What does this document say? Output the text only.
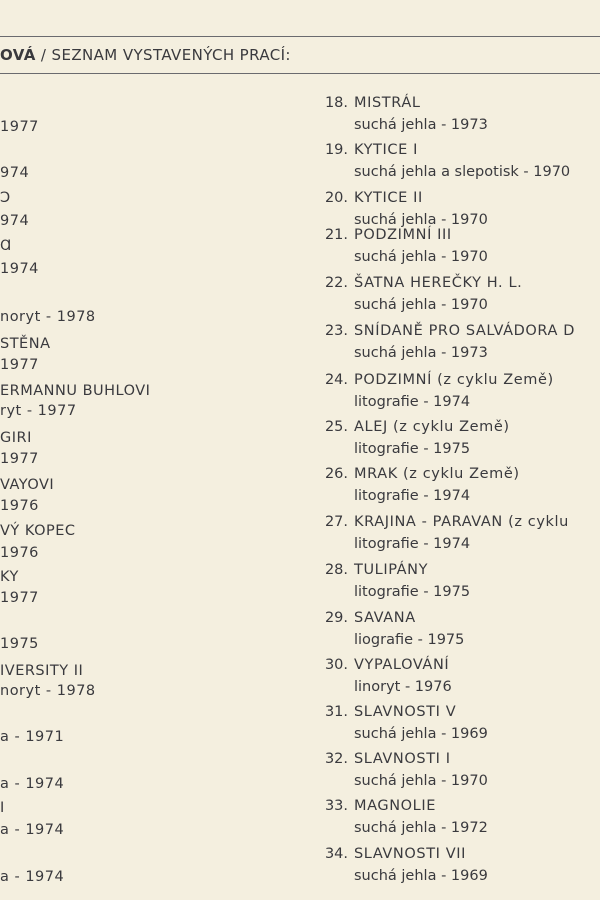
OVÁ / SEZNAM VYSTAVENÝCH PRACÍ:
1977
974
Ɔ
974
Ɑ
1974
noryt - 1978
STĚNA
1977
ERMANNU BUHLOVI
ryt - 1977
GIRI
1977
VAYOVI
1976
VÝ KOPEC
1976
KY
1977
1975
IVERSITY II
noryt - 1978
a - 1971
a - 1974
I
a - 1974
a - 1974
18. MISTRÁL
suchá jehla - 1973
19. KYTICE I
suchá jehla a slepotisk - 1970
20. KYTICE II
suchá jehla - 1970
21. PODZIMNÍ III
suchá jehla - 1970
22. ŠATNA HEREČKY H. L.
suchá jehla - 1970
23. SNÍDANĚ PRO SALVÁDORA D
suchá jehla - 1973
24. PODZIMNÍ (z cyklu Země)
litografie - 1974
25. ALEJ (z cyklu Země)
litografie - 1975
26. MRAK (z cyklu Země)
litografie - 1974
27. KRAJINA - PARAVAN (z cyklu
litografie - 1974
28. TULIPÁNY
litografie - 1975
29. SAVANA
liografie - 1975
30. VYPALOVÁNÍ
linoryt - 1976
31. SLAVNOSTI V
suchá jehla - 1969
32. SLAVNOSTI I
suchá jehla - 1970
33. MAGNOLIE
suchá jehla - 1972
34. SLAVNOSTI VII
suchá jehla - 1969
